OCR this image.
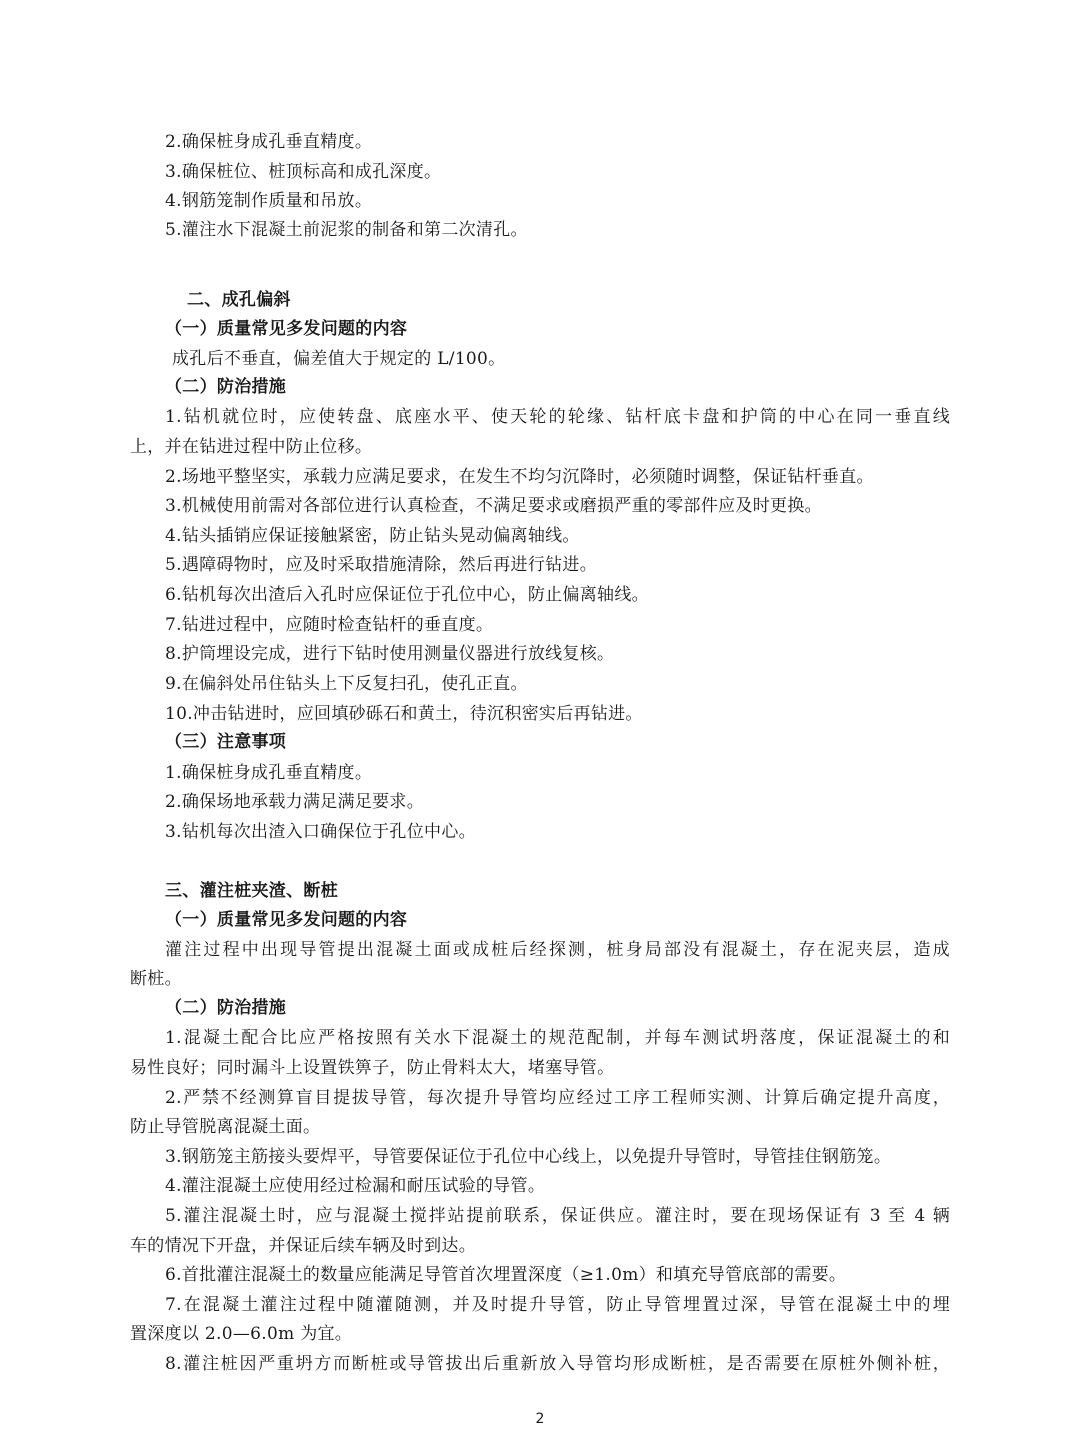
2.确保桩身成孔垂直精度。
3.确保桩位、桩顶标高和成孔深度。
4.钢筋笼制作质量和吊放。
5.灌注水下混凝土前泥浆的制备和第二次清孔。
二、成孔偏斜
（一）质量常见多发问题的内容
成孔后不垂直，偏差值大于规定的 L/100。
（二）防治措施
1.钻机就位时，应使转盘、底座水平、使天轮的轮缘、钻杆底卡盘和护筒的中心在同一垂直线
上，并在钻进过程中防止位移。
2.场地平整坚实，承载力应满足要求，在发生不均匀沉降时，必须随时调整，保证钻杆垂直。
3.机械使用前需对各部位进行认真检查，不满足要求或磨损严重的零部件应及时更换。
4.钻头插销应保证接触紧密，防止钻头晃动偏离轴线。
5.遇障碍物时，应及时采取措施清除，然后再进行钻进。
6.钻机每次出渣后入孔时应保证位于孔位中心，防止偏离轴线。
7.钻进过程中，应随时检查钻杆的垂直度。
8.护筒埋设完成，进行下钻时使用测量仪器进行放线复核。
9.在偏斜处吊住钻头上下反复扫孔，使孔正直。
10.冲击钻进时，应回填砂砾石和黄土，待沉积密实后再钻进。
（三）注意事项
1.确保桩身成孔垂直精度。
2.确保场地承载力满足满足要求。
3.钻机每次出渣入口确保位于孔位中心。
三、灌注桩夹渣、断桩
（一）质量常见多发问题的内容
灌注过程中出现导管提出混凝土面或成桩后经探测，桩身局部没有混凝土，存在泥夹层，造成
断桩。
（二）防治措施
1.混凝土配合比应严格按照有关水下混凝土的规范配制，并每车测试坍落度，保证混凝土的和
易性良好；同时漏斗上设置铁箅子，防止骨料太大，堵塞导管。
2.严禁不经测算盲目提拔导管，每次提升导管均应经过工序工程师实测、计算后确定提升高度，
防止导管脱离混凝土面。
3.钢筋笼主筋接头要焊平，导管要保证位于孔位中心线上，以免提升导管时，导管挂住钢筋笼。
4.灌注混凝土应使用经过检漏和耐压试验的导管。
5.灌注混凝土时，应与混凝土搅拌站提前联系，保证供应。灌注时，要在现场保证有 3 至 4 辆
车的情况下开盘，并保证后续车辆及时到达。
6.首批灌注混凝土的数量应能满足导管首次埋置深度（≥1.0m）和填充导管底部的需要。
7.在混凝土灌注过程中随灌随测，并及时提升导管，防止导管埋置过深，导管在混凝土中的埋
置深度以 2.0—6.0m 为宜。
8.灌注桩因严重坍方而断桩或导管拔出后重新放入导管均形成断桩，是否需要在原桩外侧补桩，
2
